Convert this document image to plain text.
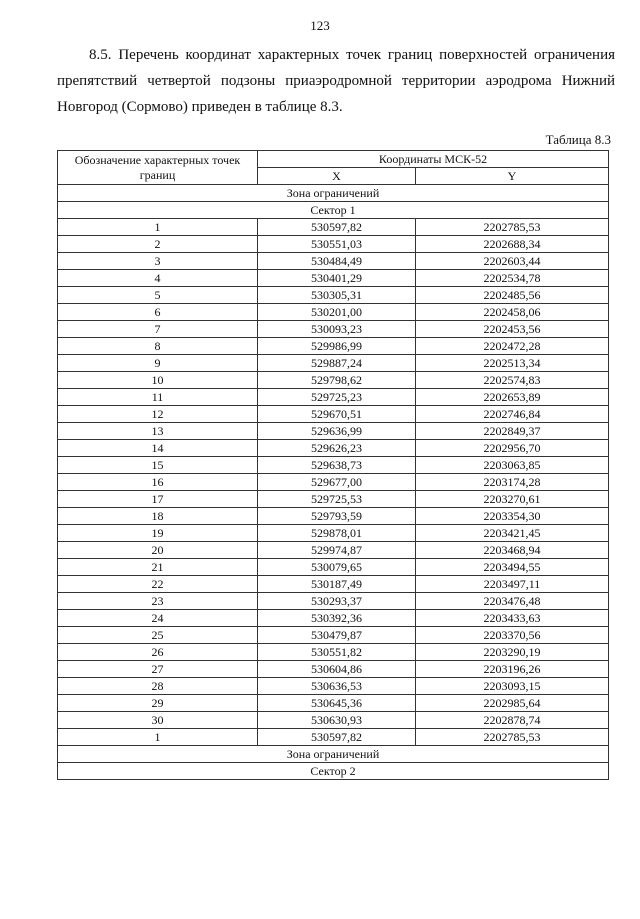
123

8.5. Перечень координат характерных точек границ поверхностей ограничения препятствий четвертой подзоны приаэродромной территории аэродрома Нижний Новгород (Сормово) приведен в таблице 8.3.

Таблица 8.3
Обозначение характерных точек границ	Координаты МСК-52	
	X	Y
Зона ограничений		
Сектор 1		
1	530597,82	2202785,53
2	530551,03	2202688,34
3	530484,49	2202603,44
4	530401,29	2202534,78
5	530305,31	2202485,56
6	530201,00	2202458,06
7	530093,23	2202453,56
8	529986,99	2202472,28
9	529887,24	2202513,34
10	529798,62	2202574,83
11	529725,23	2202653,89
12	529670,51	2202746,84
13	529636,99	2202849,37
14	529626,23	2202956,70
15	529638,73	2203063,85
16	529677,00	2203174,28
17	529725,53	2203270,61
18	529793,59	2203354,30
19	529878,01	2203421,45
20	529974,87	2203468,94
21	530079,65	2203494,55
22	530187,49	2203497,11
23	530293,37	2203476,48
24	530392,36	2203433,63
25	530479,87	2203370,56
26	530551,82	2203290,19
27	530604,86	2203196,26
28	530636,53	2203093,15
29	530645,36	2202985,64
30	530630,93	2202878,74
1	530597,82	2202785,53
Зона ограничений		
Сектор 2		
